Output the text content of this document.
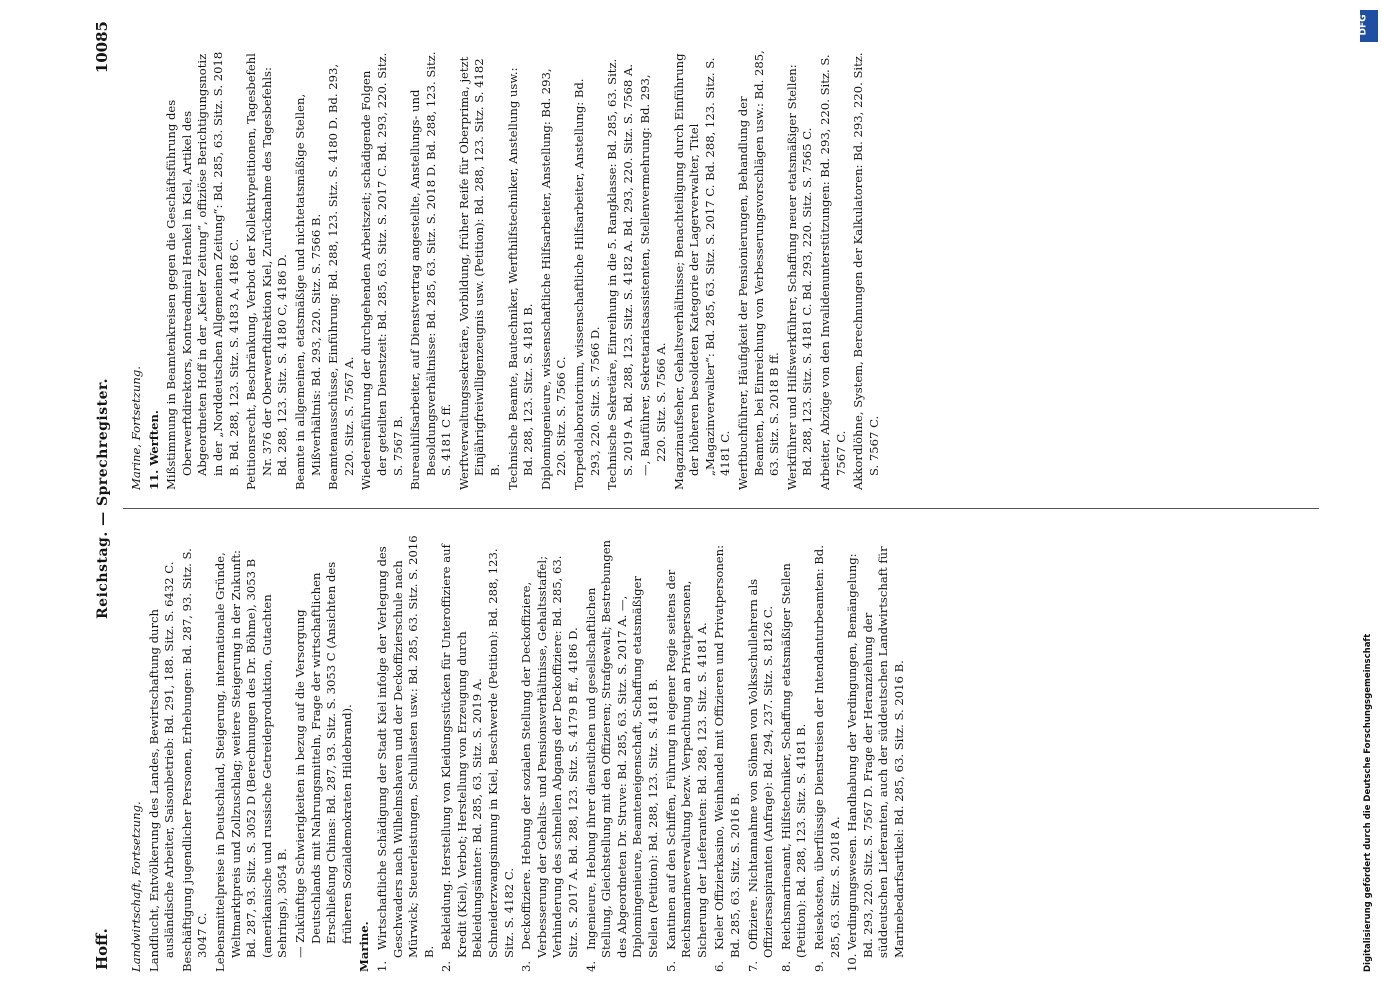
Hoff.
Reichstag. — Sprechregister.
10085
Landwirtschaft, Fortsetzung. Landflucht, Entvölkerung des Landes, Bewirtschaftung durch ausländische Arbeiter, Saisonbetrieb: Bd. 291, 188. Sitz. S. 6432 C. Beschäftigung jugendlicher Personen, Erhebungen: Bd. 287, 93. Sitz. S. 3047 C. Lebensmittelpreise in Deutschland, Steigerung, internationale Gründe, Weltmarktpreis und Zollzuschlag; weitere Steigerung in der Zukunft: Bd. 287, 93. Sitz. S. 3052 D (Berechnungen des Dr. Böhme), 3053 B (amerikanische und russische Getreideproduktion, Gutachten Sehrings), 3054 B. — Zukünftige Schwierigkeiten in bezug auf die Versorgung Deutschlands mit Nahrungsmitteln, Frage der wirtschaftlichen Erschließung Chinas: Bd. 287, 93. Sitz. S. 3053 C (Ansichten des früheren Sozialdemokraten Hildebrand).

Marine. 1.Wirtschaftliche Schädigung der Stadt Kiel infolge der Verlegung des Geschwaders nach Wilhelmshaven und der Deckoffizierschule nach Mürwick; Steuerleistungen, Schullasten usw.: Bd. 285, 63. Sitz. S. 2016 B.

2.Bekleidung. Herstellung von Kleidungsstücken für Unteroffiziere auf Kredit (Kiel), Verbot; Herstellung von Erzeugung durch Bekleidungsämter: Bd. 285, 63. Sitz. S. 2019 A. Schneiderzwangsinnung in Kiel, Beschwerde (Petition): Bd. 288, 123. Sitz. S. 4182 C.

3.Deckoffiziere. Hebung der sozialen Stellung der Deckoffiziere, Verbesserung der Gehalts- und Pensionsverhältnisse, Gehaltsstaffel; Verhinderung des schnellen Abgangs der Deckoffiziere: Bd. 285, 63. Sitz. S. 2017 A. Bd. 288, 123. Sitz. S. 4179 B ff., 4186 D.

4.Ingenieure, Hebung ihrer dienstlichen und gesellschaftlichen Stellung, Gleichstellung mit den Offizieren; Strafgewalt; Bestrebungen des Abgeordneten Dr. Struve: Bd. 285, 63. Sitz. S. 2017 A. —, Diplomingenieure, Beamteneigenschaft, Schaffung etatsmäßiger Stellen (Petition): Bd. 288, 123. Sitz. S. 4181 B.

5.Kantinen auf den Schiffen, Führung in eigener Regie seitens der Reichsmarineverwaltung bezw. Verpachtung an Privatpersonen, Sicherung der Lieferanten: Bd. 288, 123. Sitz. S. 4181 A.

6.Kieler Offizierkasino, Weinhandel mit Offizieren und Privatpersonen: Bd. 285, 63. Sitz. S. 2016 B.

7.Offiziere. Nichtannahme von Söhnen von Volksschullehrern als Offiziersaspiranten (Anfrage): Bd. 294, 237. Sitz. S. 8126 C.

8.Reichsmarineamt, Hilfstechniker, Schaffung etatsmäßiger Stellen (Petition): Bd. 288, 123. Sitz. S. 4181 B.

9.Reisekosten, überflüssige Dienstreisen der Intendanturbeamten: Bd. 285, 63. Sitz. S. 2018 A.

10.Verdingungswesen. Handhabung der Verdingungen, Bemängelung: Bd. 293, 220. Sitz. S. 7567 D. Frage der Heranziehung der süddeutschen Lieferanten, auch der süddeutschen Landwirtschaft für Marinebedarfsartikel: Bd. 285, 63. Sitz. S. 2016 B.

Marine, Fortsetzung. 11. Werften. Mißstimmung in Beamtenkreisen gegen die Geschäftsführung des Oberwerftdirektors, Kontreadmiral Henkel in Kiel, Artikel des Abgeordneten Hoff in der „Kieler Zeitung“, offiziöse Berichtigungsnotiz in der „Norddeutschen Allgemeinen Zeitung“: Bd. 285, 63. Sitz. S. 2018 B. Bd. 288, 123. Sitz. S. 4183 A, 4186 C. Petitionsrecht, Beschränkung, Verbot der Kollektivpetitionen, Tagesbefehl Nr. 376 der Oberwerftdirektion Kiel, Zurücknahme des Tagesbefehls: Bd. 288, 123. Sitz. S. 4180 C, 4186 D. Beamte in allgemeinen, etatsmäßige und nichtetatsmäßige Stellen, Mißverhältnis: Bd. 293, 220. Sitz. S. 7566 B. Beamtenausschüsse, Einführung: Bd. 288, 123. Sitz. S. 4180 D. Bd. 293, 220. Sitz. S. 7567 A. Wiedereinführung der durchgehenden Arbeitszeit; schädigende Folgen der geteilten Dienstzeit: Bd. 285, 63. Sitz. S. 2017 C. Bd. 293, 220. Sitz. S. 7567 B. Bureauhilfsarbeiter, auf Dienstvertrag angestellte, Anstellungs- und Besoldungsverhältnisse: Bd. 285, 63. Sitz. S. 2018 D. Bd. 288, 123. Sitz. S. 4181 C ff. Werftverwaltungssekretäre, Vorbildung, früher Reife für Oberprima, jetzt Einjährigfreiwilligenzeugnis usw. (Petition): Bd. 288, 123. Sitz. S. 4182 B. Technische Beamte, Bautechniker, Werfthilfstechniker, Anstellung usw.: Bd. 288, 123. Sitz. S. 4181 B. Diplomingenieure, wissenschaftliche Hilfsarbeiter, Anstellung: Bd. 293, 220. Sitz. S. 7566 C. Torpedolaboratorium, wissenschaftliche Hilfsarbeiter, Anstellung: Bd. 293, 220. Sitz. S. 7566 D. Technische Sekretäre, Einreihung in die 5. Rangklasse: Bd. 285, 63. Sitz. S. 2019 A. Bd. 288, 123. Sitz. S. 4182 A. Bd. 293, 220. Sitz. S. 7568 A. —, Bauführer, Sekretariatsassistenten, Stellenvermehrung: Bd. 293, 220. Sitz. S. 7566 A. Magazinaufseher, Gehaltsverhältnisse; Benachteiligung durch Einführung der höheren besoldeten Kategorie der Lagerverwalter, Titel „Magazinverwalter“: Bd. 285, 63. Sitz. S. 2017 C. Bd. 288, 123. Sitz. S. 4181 C. Werftbuchführer, Häufigkeit der Pensionierungen, Behandlung der Beamten, bei Einreichung von Verbesserungsvorschlägen usw.: Bd. 285, 63. Sitz. S. 2018 B ff. Werkführer und Hilfswerkführer, Schaffung neuer etatsmäßiger Stellen: Bd. 288, 123. Sitz. S. 4181 C. Bd. 293, 220. Sitz. S. 7565 C. Arbeiter, Abzüge von den Invalidenunterstützungen: Bd. 293, 220. Sitz. S. 7567 C. Akkordlöhne, System, Berechnungen der Kalkulatoren: Bd. 293, 220. Sitz. S. 7567 C.

Digitalisierung gefördert durch die Deutsche Forschungsgemeinschaft
DFG
